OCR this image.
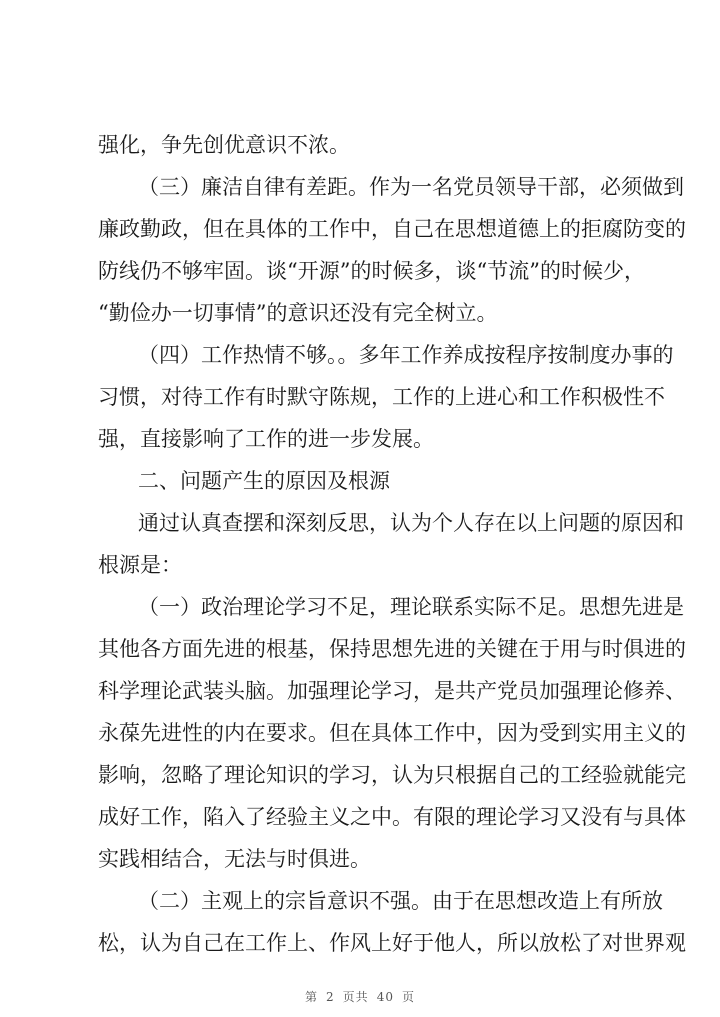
强化，争先创优意识不浓。
（三）廉洁自律有差距。作为一名党员领导干部，必须做到
廉政勤政，但在具体的工作中，自己在思想道德上的拒腐防变的
防线仍不够牢固。谈“开源”的时候多，谈“节流”的时候少，
“勤俭办一切事情”的意识还没有完全树立。
（四）工作热情不够。。多年工作养成按程序按制度办事的
习惯，对待工作有时默守陈规，工作的上进心和工作积极性不
强，直接影响了工作的进一步发展。
二、问题产生的原因及根源
通过认真查摆和深刻反思，认为个人存在以上问题的原因和
根源是：
（一）政治理论学习不足，理论联系实际不足。思想先进是
其他各方面先进的根基，保持思想先进的关键在于用与时俱进的
科学理论武装头脑。加强理论学习，是共产党员加强理论修养、
永葆先进性的内在要求。但在具体工作中，因为受到实用主义的
影响，忽略了理论知识的学习，认为只根据自己的工经验就能完
成好工作，陷入了经验主义之中。有限的理论学习又没有与具体
实践相结合，无法与时俱进。
（二）主观上的宗旨意识不强。由于在思想改造上有所放
松，认为自己在工作上、作风上好于他人，所以放松了对世界观
第 2 页共 40 页
